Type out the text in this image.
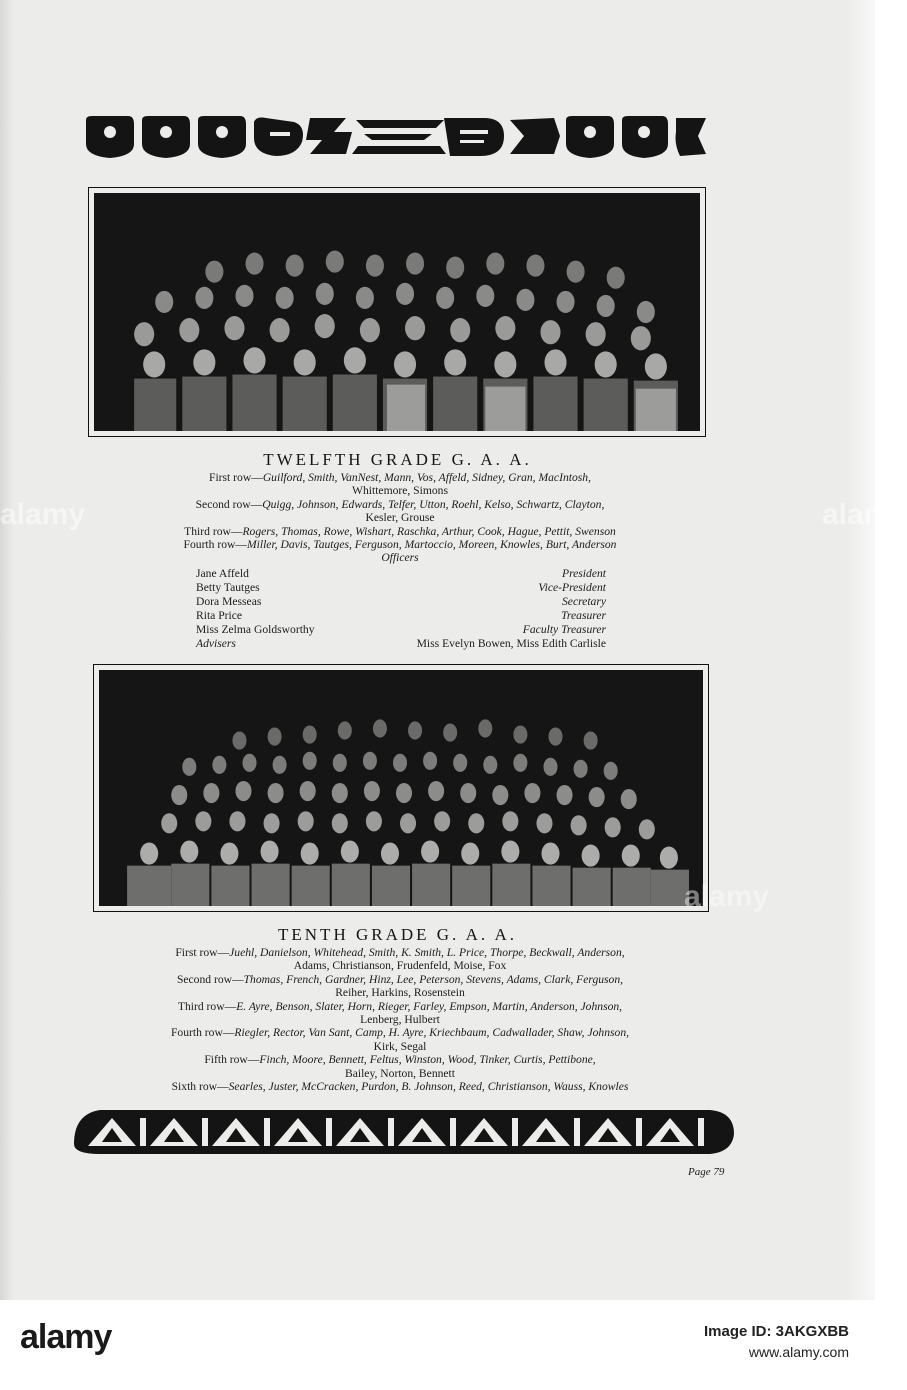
TWELFTH GRADE G. A. A.

First row—Guilford, Smith, VanNest, Mann, Vos, Affeld, Sidney, Gran, MacIntosh,

Whittemore, Simons

Second row—Quigg, Johnson, Edwards, Telfer, Utton, Roehl, Kelso, Schwartz, Clayton,

Kesler, Grouse

Third row—Rogers, Thomas, Rowe, Wishart, Raschka, Arthur, Cook, Hague, Pettit, Swenson

Fourth row—Miller, Davis, Tautges, Ferguson, Martoccio, Moreen, Knowles, Burt, Anderson

Officers

Jane Affeld	President
Betty Tautges	Vice-President
Dora Messeas	Secretary
Rita Price	Treasurer
Miss Zelma Goldsworthy	Faculty Treasurer
Advisers	Miss Evelyn Bowen, Miss Edith Carlisle
TENTH GRADE G. A. A.

First row—Juehl, Danielson, Whitehead, Smith, K. Smith, L. Price, Thorpe, Beckwall, Anderson,

Adams, Christianson, Frudenfeld, Moise, Fox

Second row—Thomas, French, Gardner, Hinz, Lee, Peterson, Stevens, Adams, Clark, Ferguson,

Reiher, Harkins, Rosenstein

Third row—E. Ayre, Benson, Slater, Horn, Rieger, Farley, Empson, Martin, Anderson, Johnson,

Lenberg, Hulbert

Fourth row—Riegler, Rector, Van Sant, Camp, H. Ayre, Kriechbaum, Cadwallader, Shaw, Johnson,

Kirk, Segal

Fifth row—Finch, Moore, Bennett, Feltus, Winston, Wood, Tinker, Curtis, Pettibone,

Bailey, Norton, Bennett

Sixth row—Searles, Juster, McCracken, Purdon, B. Johnson, Reed, Christianson, Wauss, Knowles

Page 79
alamy	alamy
alamy
alamy	Image ID: 3AKGXBB
www.alamy.com
